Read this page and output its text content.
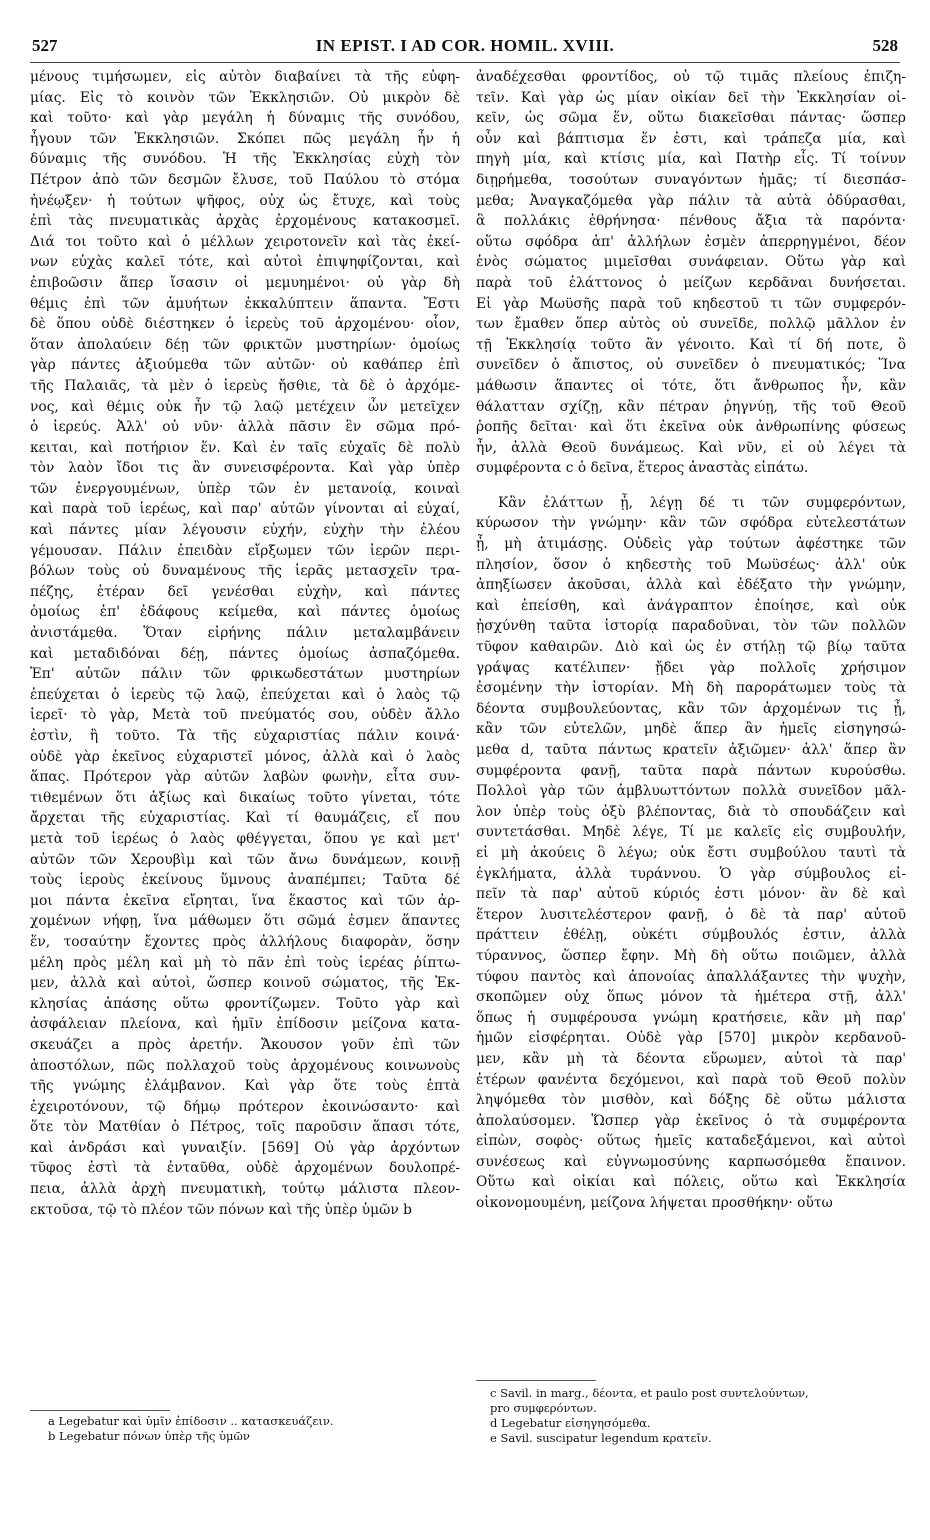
527	IN EPIST. I AD COR. HOMIL. XVIII.	528
μένους τιμήσωμεν, εἰς αὐτὸν διαβαίνει τὰ τῆς εὐφη-
μίας. Εἰς τὸ κοινὸν τῶν Ἐκκλησιῶν. Οὐ μικρὸν δὲ
καὶ τοῦτο· καὶ γὰρ μεγάλη ἡ δύναμις τῆς συνόδου,
ἦγουν τῶν Ἐκκλησιῶν. Σκόπει πῶς μεγάλη ἦν ἡ
δύναμις τῆς συνόδου. Ἡ τῆς Ἐκκλησίας εὐχὴ τὸν
Πέτρον ἀπὸ τῶν δεσμῶν ἔλυσε, τοῦ Παύλου τὸ στόμα
ἠνέῳξεν· ἡ τούτων ψῆφος, οὐχ ὡς ἔτυχε, καὶ τοὺς
ἐπὶ τὰς πνευματικὰς ἀρχὰς ἐρχομένους κατακοσμεῖ.
Διά τοι τοῦτο καὶ ὁ μέλλων χειροτονεῖν καὶ τὰς ἐκεί-
νων εὐχὰς καλεῖ τότε, καὶ αὐτοὶ ἐπιψηφίζονται, καὶ
ἐπιβοῶσιν ἅπερ ἴσασιν οἱ μεμυημένοι· οὐ γὰρ δὴ
θέμις ἐπὶ τῶν ἀμυήτων ἐκκαλύπτειν ἅπαντα. Ἔστι
δὲ ὅπου οὐδὲ διέστηκεν ὁ ἱερεὺς τοῦ ἀρχομένου· οἷον,
ὅταν ἀπολαύειν δέῃ τῶν φρικτῶν μυστηρίων· ὁμοίως
γὰρ πάντες ἀξιούμεθα τῶν αὐτῶν· οὐ καθάπερ ἐπὶ
τῆς Παλαιᾶς, τὰ μὲν ὁ ἱερεὺς ἤσθιε, τὰ δὲ ὁ ἀρχόμε-
νος, καὶ θέμις οὐκ ἦν τῷ λαῷ μετέχειν ὧν μετεῖχεν
ὁ ἱερεύς. Ἀλλ' οὐ νῦν· ἀλλὰ πᾶσιν ἓν σῶμα πρό-
κειται, καὶ ποτήριον ἕν. Καὶ ἐν ταῖς εὐχαῖς δὲ πολὺ
τὸν λαὸν ἴδοι τις ἂν συνεισφέροντα. Καὶ γὰρ ὑπὲρ
τῶν ἐνεργουμένων, ὑπὲρ τῶν ἐν μετανοίᾳ, κοιναὶ
καὶ παρὰ τοῦ ἱερέως, καὶ παρ' αὐτῶν γίνονται αἱ εὐχαί,
καὶ πάντες μίαν λέγουσιν εὐχήν, εὐχὴν τὴν ἐλέου
γέμουσαν. Πάλιν ἐπειδὰν εἴρξωμεν τῶν ἱερῶν περι-
βόλων τοὺς οὐ δυναμένους τῆς ἱερᾶς μετασχεῖν τρα-
πέζης, ἑτέραν δεῖ γενέσθαι εὐχὴν, καὶ πάντες
ὁμοίως ἐπ' ἐδάφους κείμεθα, καὶ πάντες ὁμοίως
ἀνιστάμεθα. Ὅταν εἰρήνης πάλιν μεταλαμβάνειν
καὶ μεταδιδόναι δέῃ, πάντες ὁμοίως ἀσπαζόμεθα.
Ἐπ' αὐτῶν πάλιν τῶν φρικωδεστάτων μυστηρίων
ἐπεύχεται ὁ ἱερεὺς τῷ λαῷ, ἐπεύχεται καὶ ὁ λαὸς τῷ
ἱερεῖ· τὸ γὰρ, Μετὰ τοῦ πνεύματός σου, οὐδὲν ἄλλο
ἐστὶν, ἢ τοῦτο. Τὰ τῆς εὐχαριστίας πάλιν κοινά·
οὐδὲ γὰρ ἐκεῖνος εὐχαριστεῖ μόνος, ἀλλὰ καὶ ὁ λαὸς
ἅπας. Πρότερον γὰρ αὐτῶν λαβὼν φωνὴν, εἶτα συν-
τιθεμένων ὅτι ἀξίως καὶ δικαίως τοῦτο γίνεται, τότε
ἄρχεται τῆς εὐχαριστίας. Καὶ τί θαυμάζεις, εἴ που
μετὰ τοῦ ἱερέως ὁ λαὸς φθέγγεται, ὅπου γε καὶ μετ'
αὐτῶν τῶν Χερουβὶμ καὶ τῶν ἄνω δυνάμεων, κοινῇ
τοὺς ἱεροὺς ἐκείνους ὕμνους ἀναπέμπει; Ταῦτα δέ
μοι πάντα ἐκεῖνα εἴρηται, ἵνα ἕκαστος καὶ τῶν ἀρ-
χομένων νήφῃ, ἵνα μάθωμεν ὅτι σῶμά ἐσμεν ἅπαντες
ἕν, τοσαύτην ἔχοντες πρὸς ἀλλήλους διαφορὰν, ὅσην
μέλη πρὸς μέλη καὶ μὴ τὸ πᾶν ἐπὶ τοὺς ἱερέας ῥίπτω-
μεν, ἀλλὰ καὶ αὐτοὶ, ὥσπερ κοινοῦ σώματος, τῆς Ἐκ-
κλησίας ἁπάσης οὕτω φροντίζωμεν. Τοῦτο γὰρ καὶ
ἀσφάλειαν πλείονα, καὶ ἡμῖν ἐπίδοσιν μείζονα κατα-
σκευάζει a πρὸς ἀρετήν. Ἄκουσον γοῦν ἐπὶ τῶν
ἀποστόλων, πῶς πολλαχοῦ τοὺς ἀρχομένους κοινωνοὺς
τῆς γνώμης ἐλάμβανον. Καὶ γὰρ ὅτε τοὺς ἑπτὰ
ἐχειροτόνουν, τῷ δήμῳ πρότερον ἐκοινώσαντο· καὶ
ὅτε τὸν Ματθίαν ὁ Πέτρος, τοῖς παροῦσιν ἅπασι τότε,
καὶ ἀνδράσι καὶ γυναιξίν. [569] Οὐ γὰρ ἀρχόντων
τῦφος ἐστὶ τὰ ἐνταῦθα, οὐδὲ ἀρχομένων δουλοπρέ-
πεια, ἀλλὰ ἀρχὴ πνευματικὴ, τούτῳ μάλιστα πλεον-
εκτοῦσα, τῷ τὸ πλέον τῶν πόνων καὶ τῆς ὑπὲρ ὑμῶν b
ἀναδέχεσθαι φροντίδος, οὐ τῷ τιμᾶς πλείους ἐπιζη-
τεῖν. Καὶ γὰρ ὡς μίαν οἰκίαν δεῖ τὴν Ἐκκλησίαν οἰ-
κεῖν, ὡς σῶμα ἕν, οὕτω διακεῖσθαι πάντας· ὥσπερ
οὖν καὶ βάπτισμα ἕν ἐστι, καὶ τράπεζα μία, καὶ
πηγὴ μία, καὶ κτίσις μία, καὶ Πατὴρ εἷς. Τί τοίνυν
διῃρήμεθα, τοσούτων συναγόντων ἡμᾶς; τί διεσπάσ-
μεθα; Ἀναγκαζόμεθα γὰρ πάλιν τὰ αὐτὰ ὀδύρασθαι,
ἃ πολλάκις ἐθρήνησα· πένθους ἄξια τὰ παρόντα·
οὕτω σφόδρα ἀπ' ἀλλήλων ἐσμὲν ἀπερρηγμένοι, δέον
ἑνὸς σώματος μιμεῖσθαι συνάφειαν. Οὕτω γὰρ καὶ
παρὰ τοῦ ἐλάττονος ὁ μείζων κερδᾶναι δυνήσεται.
Εἰ γὰρ Μωϋσῆς παρὰ τοῦ κηδεστοῦ τι τῶν συμφερόν-
των ἔμαθεν ὅπερ αὐτὸς οὐ συνεῖδε, πολλῷ μᾶλλον ἐν
τῇ Ἐκκλησίᾳ τοῦτο ἂν γένοιτο. Καὶ τί δή ποτε, ὃ
συνεῖδεν ὁ ἄπιστος, οὐ συνεῖδεν ὁ πνευματικός; Ἵνα
μάθωσιν ἅπαντες οἱ τότε, ὅτι ἄνθρωπος ἦν, κἂν
θάλατταν σχίζῃ, κἂν πέτραν ῥηγνύῃ, τῆς τοῦ Θεοῦ
ῥοπῆς δεῖται· καὶ ὅτι ἐκεῖνα οὐκ ἀνθρωπίνης φύσεως
ἦν, ἀλλὰ Θεοῦ δυνάμεως. Καὶ νῦν, εἰ οὐ λέγει τὰ
συμφέροντα c ὁ δεῖνα, ἕτερος ἀναστὰς εἰπάτω.
Κἂν ἐλάττων ᾖ, λέγῃ δέ τι τῶν συμφερόντων,
κύρωσον τὴν γνώμην· κἂν τῶν σφόδρα εὐτελεστάτων
ᾖ, μὴ ἀτιμάσῃς. Οὐδεὶς γὰρ τούτων ἀφέστηκε τῶν
πλησίον, ὅσον ὁ κηδεστὴς τοῦ Μωϋσέως· ἀλλ' οὐκ
ἀπηξίωσεν ἀκοῦσαι, ἀλλὰ καὶ ἐδέξατο τὴν γνώμην,
καὶ ἐπείσθη, καὶ ἀνάγραπτον ἐποίησε, καὶ οὐκ
ᾐσχύνθη ταῦτα ἱστορίᾳ παραδοῦναι, τὸν τῶν πολλῶν
τῦφον καθαιρῶν. Διὸ καὶ ὡς ἐν στήλῃ τῷ βίῳ ταῦτα
γράψας κατέλιπεν· ᾔδει γὰρ πολλοῖς χρήσιμον
ἐσομένην τὴν ἱστορίαν. Μὴ δὴ παροράτωμεν τοὺς τὰ
δέοντα συμβουλεύοντας, κἂν τῶν ἀρχομένων τις ᾖ,
κἂν τῶν εὐτελῶν, μηδὲ ἅπερ ἂν ἡμεῖς εἰσηγησώ-
μεθα d, ταῦτα πάντως κρατεῖν ἀξιῶμεν· ἀλλ' ἅπερ ἂν
συμφέροντα φανῇ, ταῦτα παρὰ πάντων κυρούσθω.
Πολλοὶ γὰρ τῶν ἀμβλυωττόντων πολλὰ συνεῖδον μᾶλ-
λον ὑπὲρ τοὺς ὀξὺ βλέποντας, διὰ τὸ σπουδάζειν καὶ
συντετάσθαι. Μηδὲ λέγε, Τί με καλεῖς εἰς συμβουλήν,
εἰ μὴ ἀκούεις ὃ λέγω; οὐκ ἔστι συμβούλου ταυτὶ τὰ
ἐγκλήματα, ἀλλὰ τυράννου. Ὁ γὰρ σύμβουλος εἰ-
πεῖν τὰ παρ' αὐτοῦ κύριός ἐστι μόνον· ἂν δὲ καὶ
ἕτερον λυσιτελέστερον φανῇ, ὁ δὲ τὰ παρ' αὐτοῦ
πράττειν ἐθέλῃ, οὐκέτι σύμβουλός ἐστιν, ἀλλὰ
τύραννος, ὥσπερ ἔφην. Μὴ δὴ οὕτω ποιῶμεν, ἀλλὰ
τύφου παντὸς καὶ ἀπονοίας ἀπαλλάξαντες τὴν ψυχὴν,
σκοπῶμεν οὐχ ὅπως μόνον τὰ ἡμέτερα στῇ, ἀλλ'
ὅπως ἡ συμφέρουσα γνώμη κρατήσειε, κἂν μὴ παρ'
ἡμῶν εἰσφέρηται. Οὐδὲ γὰρ [570] μικρὸν κερδανοῦ-
μεν, κἂν μὴ τὰ δέοντα εὕρωμεν, αὐτοὶ τὰ παρ'
ἑτέρων φανέντα δεχόμενοι, καὶ παρὰ τοῦ Θεοῦ πολὺν
ληψόμεθα τὸν μισθὸν, καὶ δόξης δὲ οὕτω μάλιστα
ἀπολαύσομεν. Ὥσπερ γὰρ ἐκεῖνος ὁ τὰ συμφέροντα
εἰπὼν, σοφὸς· οὕτως ἡμεῖς καταδεξάμενοι, καὶ αὐτοὶ
συνέσεως καὶ εὐγνωμοσύνης καρπωσόμεθα ἔπαινον.
Οὕτω καὶ οἰκίαι καὶ πόλεις, οὕτω καὶ Ἐκκλησία
οἰκονομουμένη, μείζονα λήψεται προσθήκην· οὕτω
a Legebatur καὶ ὑμῖν ἐπίδοσιν .. κατασκευάζειν.
b Legebatur πόνων ὑπὲρ τῆς ὑμῶν
c Savil. in marg., δέοντα, et paulo post συντελούντων,
pro συμφερόντων.
d Legebatur εἰσηγησόμεθα.
e Savil. suscipatur legendum κρατεῖν.
